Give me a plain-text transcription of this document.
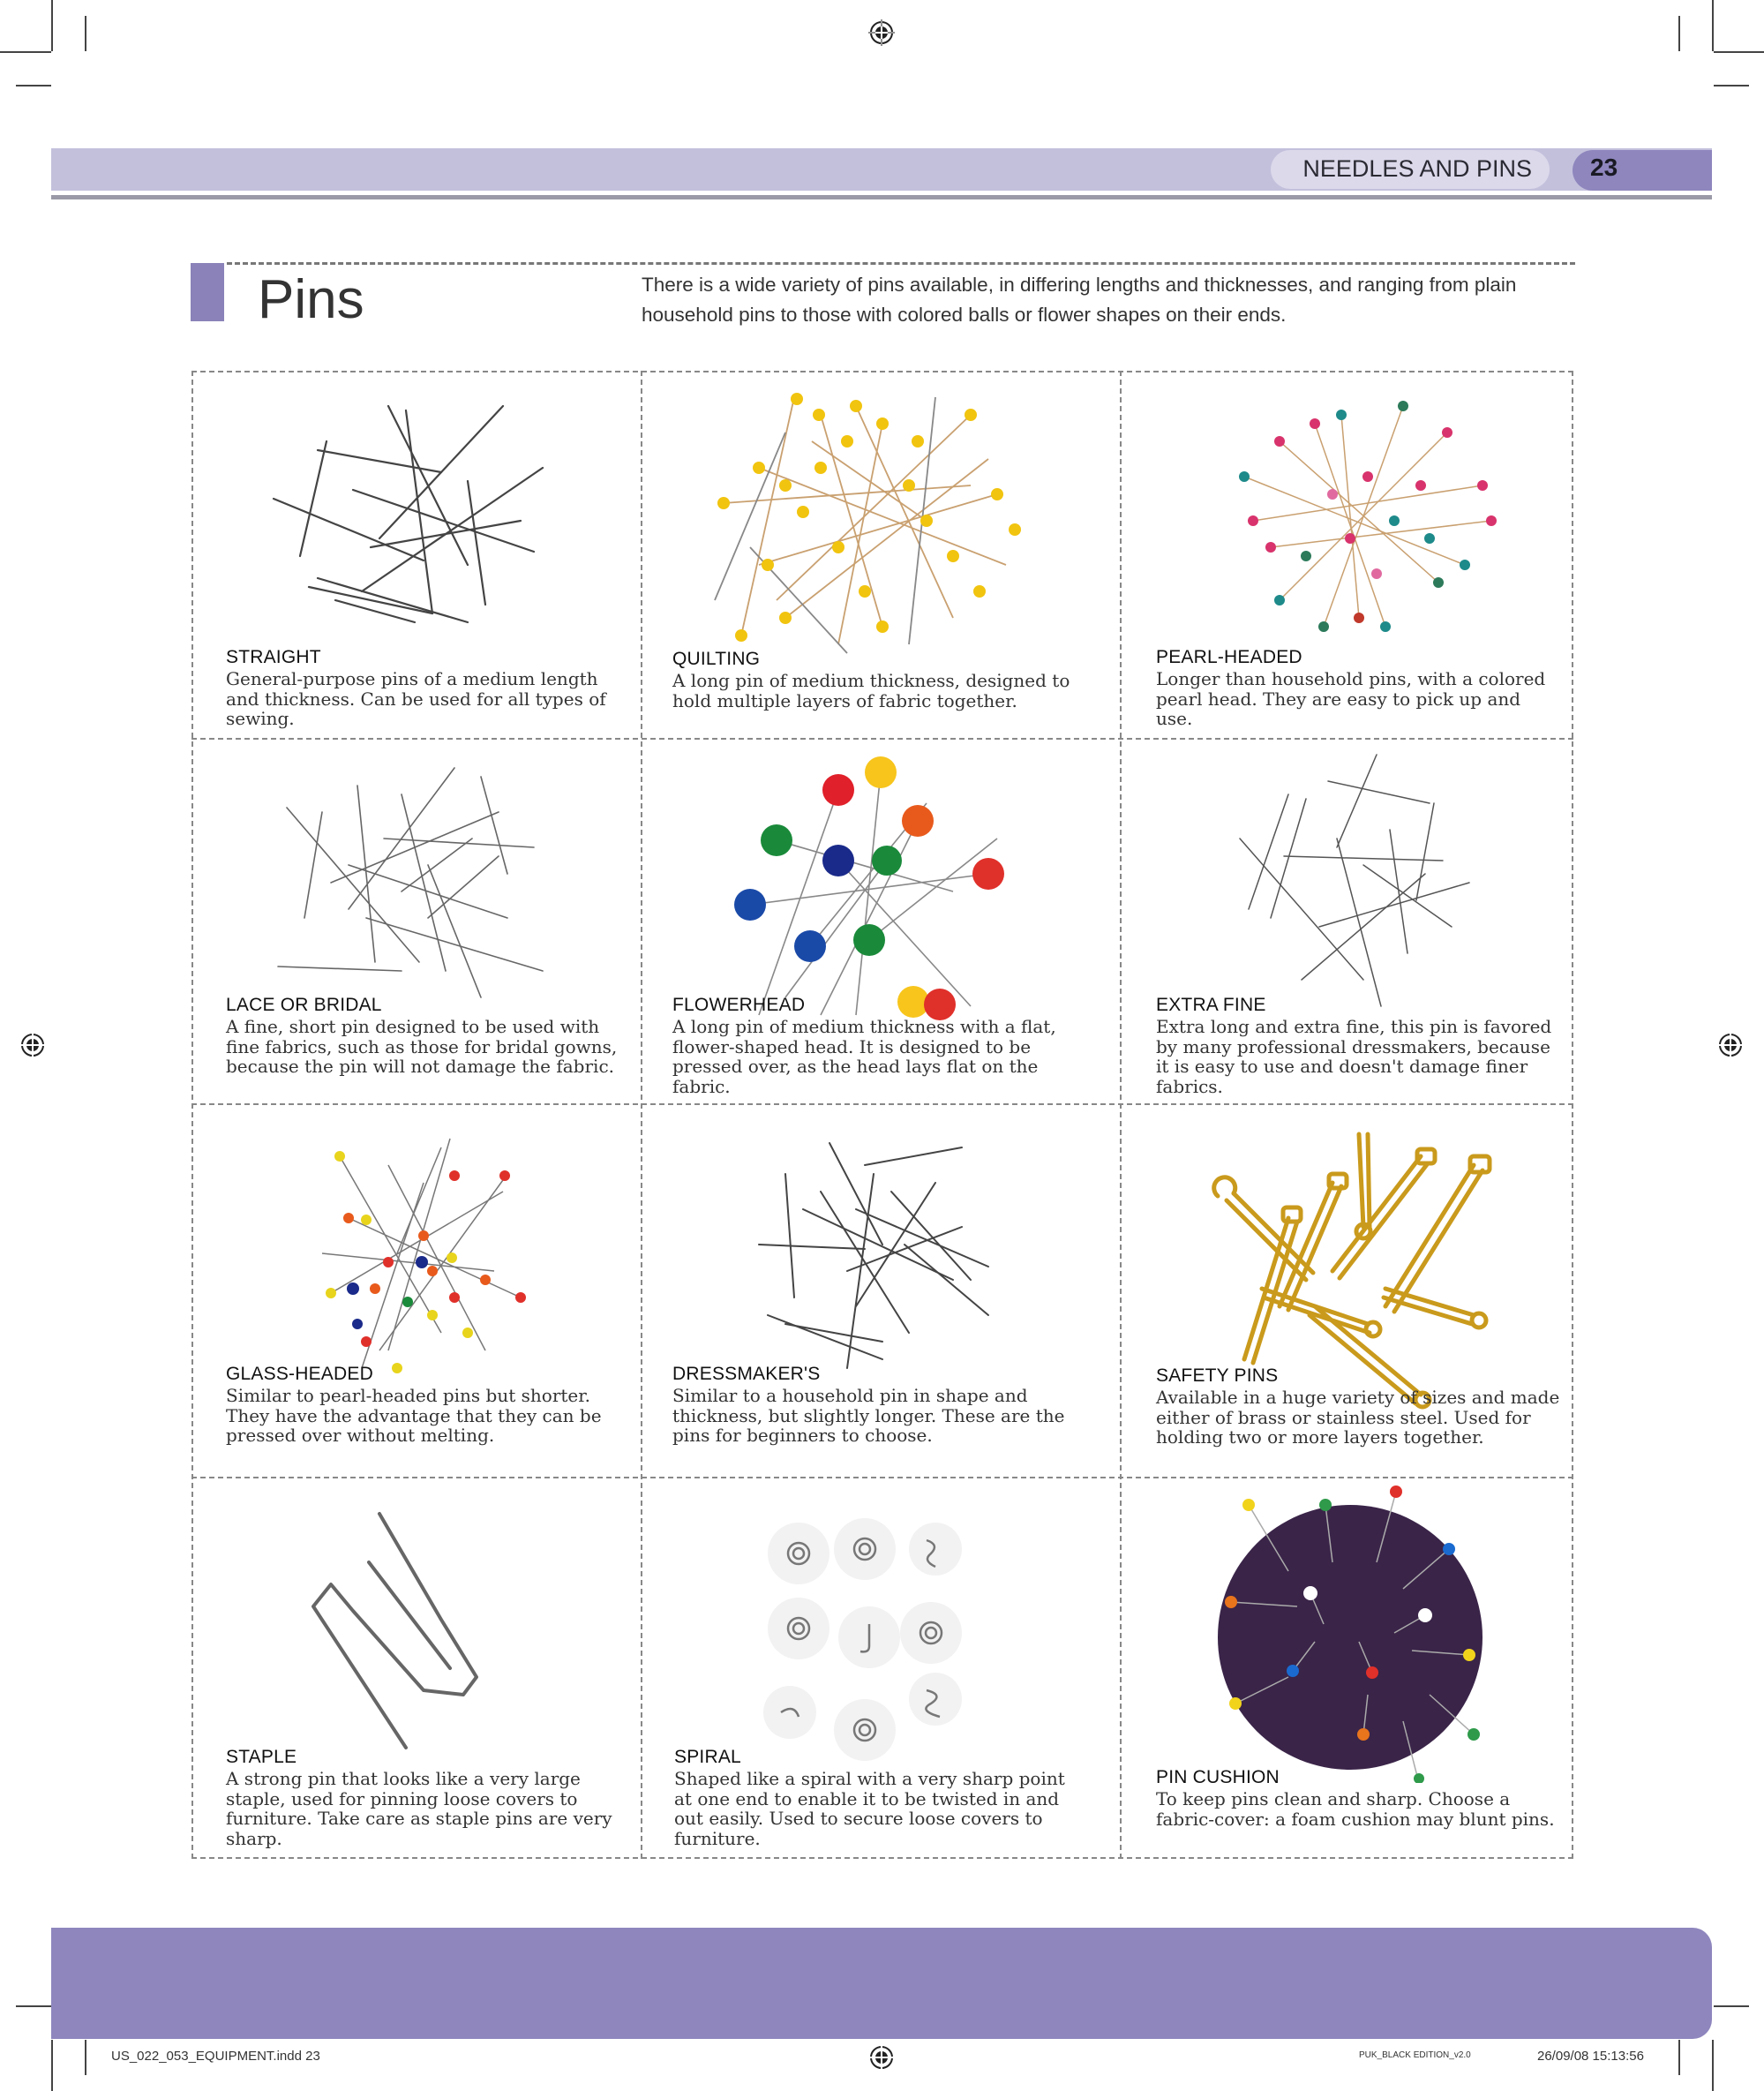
NEEDLES AND PINS 23
Pins	There is a wide variety of pins available, in differing lengths and thicknesses, and ranging from plain household pins to those with colored balls or flower shapes on their ends.
STRAIGHT
General-purpose pins of a medium length and thickness. Can be used for all types of sewing.
QUILTING
A long pin of medium thickness, designed to hold multiple layers of fabric together.
PEARL-HEADED
Longer than household pins, with a colored pearl head. They are easy to pick up and use.
LACE OR BRIDAL
A fine, short pin designed to be used with fine fabrics, such as those for bridal gowns, because the pin will not damage the fabric.
FLOWERHEAD
A long pin of medium thickness with a flat, flower-shaped head. It is designed to be pressed over, as the head lays flat on the fabric.
EXTRA FINE
Extra long and extra fine, this pin is favored by many professional dressmakers, because it is easy to use and doesn't damage finer fabrics.
GLASS-HEADED
Similar to pearl-headed pins but shorter. They have the advantage that they can be pressed over without melting.
DRESSMAKER'S
Similar to a household pin in shape and thickness, but slightly longer. These are the pins for beginners to choose.
SAFETY PINS
Available in a huge variety of sizes and made either of brass or stainless steel. Used for holding two or more layers together.
STAPLE
A strong pin that looks like a very large staple, used for pinning loose covers to furniture. Take care as staple pins are very sharp.
SPIRAL
Shaped like a spiral with a very sharp point at one end to enable it to be twisted in and out easily. Used to secure loose covers to furniture.
PIN CUSHION
To keep pins clean and sharp. Choose a fabric-cover: a foam cushion may blunt pins.
US_022_053_EQUIPMENT.indd 23	PUK_BLACK EDITION_v2.0	26/09/08 15:13:56
